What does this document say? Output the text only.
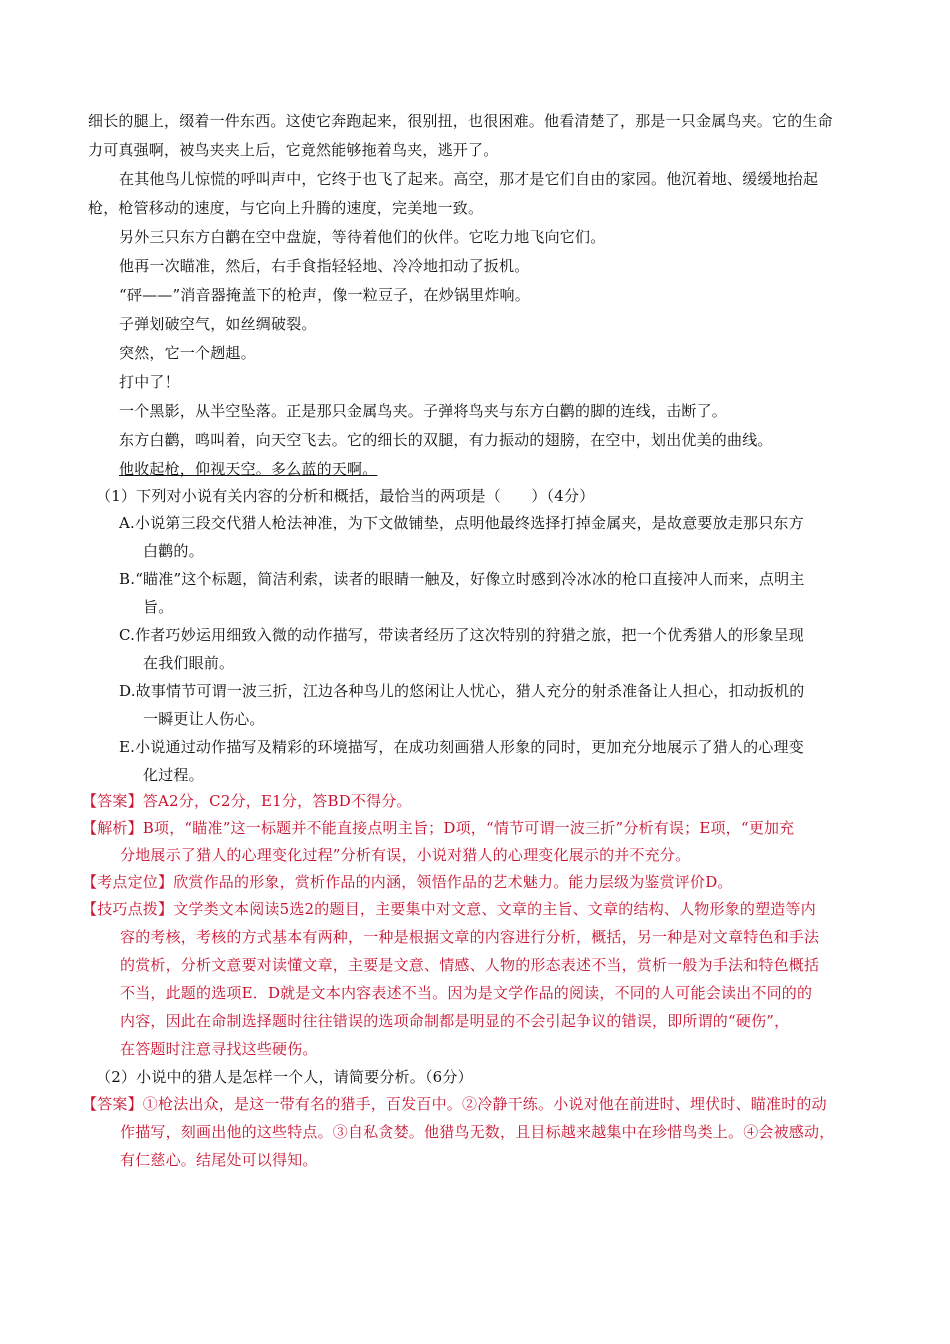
细长的腿上，缀着一件东西。这使它奔跑起来，很别扭，也很困难。他看清楚了，那是一只金属鸟夹。它的生命
力可真强啊，被鸟夹夹上后，它竟然能够拖着鸟夹，逃开了。
在其他鸟儿惊慌的呼叫声中，它终于也飞了起来。高空，那才是它们自由的家园。他沉着地、缓缓地抬起
枪，枪管移动的速度，与它向上升腾的速度，完美地一致。
另外三只东方白鹳在空中盘旋，等待着他们的伙伴。它吃力地飞向它们。
他再一次瞄准，然后，右手食指轻轻地、冷冷地扣动了扳机。
“砰——”消音器掩盖下的枪声，像一粒豆子，在炒锅里炸响。
子弹划破空气，如丝绸破裂。
突然，它一个趔趄。
打中了！
一个黑影，从半空坠落。正是那只金属鸟夹。子弹将鸟夹与东方白鹳的脚的连线，击断了。
东方白鹳，鸣叫着，向天空飞去。它的细长的双腿，有力振动的翅膀，在空中，划出优美的曲线。
他收起枪，仰视天空。多么蓝的天啊。
（1）下列对小说有关内容的分析和概括，最恰当的两项是（　　）（4分）
A.小说第三段交代猎人枪法神准，为下文做铺垫，点明他最终选择打掉金属夹，是故意要放走那只东方
白鹳的。
B.“瞄准”这个标题，简洁利索，读者的眼睛一触及，好像立时感到冷冰冰的枪口直接冲人而来，点明主
旨。
C.作者巧妙运用细致入微的动作描写，带读者经历了这次特别的狩猎之旅，把一个优秀猎人的形象呈现
在我们眼前。
D.故事情节可谓一波三折，江边各种鸟儿的悠闲让人忧心，猎人充分的射杀准备让人担心，扣动扳机的
一瞬更让人伤心。
E.小说通过动作描写及精彩的环境描写，在成功刻画猎人形象的同时，更加充分地展示了猎人的心理变
化过程。
【答案】答A2分，C2分，E1分，答BD不得分。
【解析】B项，“瞄准”这一标题并不能直接点明主旨；D项，“情节可谓一波三折”分析有误；E项，“更加充
分地展示了猎人的心理变化过程”分析有误，小说对猎人的心理变化展示的并不充分。
【考点定位】欣赏作品的形象，赏析作品的内涵，领悟作品的艺术魅力。能力层级为鉴赏评价D。
【技巧点拨】文学类文本阅读5选2的题目，主要集中对文意、文章的主旨、文章的结构、人物形象的塑造等内
容的考核，考核的方式基本有两种，一种是根据文章的内容进行分析，概括，另一种是对文章特色和手法
的赏析，分析文意要对读懂文章，主要是文意、情感、人物的形态表述不当，赏析一般为手法和特色概括
不当，此题的选项E．D就是文本内容表述不当。因为是文学作品的阅读，不同的人可能会读出不同的的
内容，因此在命制选择题时往往错误的选项命制都是明显的不会引起争议的错误，即所谓的“硬伤”，
在答题时注意寻找这些硬伤。
（2）小说中的猎人是怎样一个人，请简要分析。（6分）
【答案】①枪法出众，是这一带有名的猎手，百发百中。②冷静干练。小说对他在前进时、埋伏时、瞄准时的动
作描写，刻画出他的这些特点。③自私贪婪。他猎鸟无数，且目标越来越集中在珍惜鸟类上。④会被感动，
有仁慈心。结尾处可以得知。
